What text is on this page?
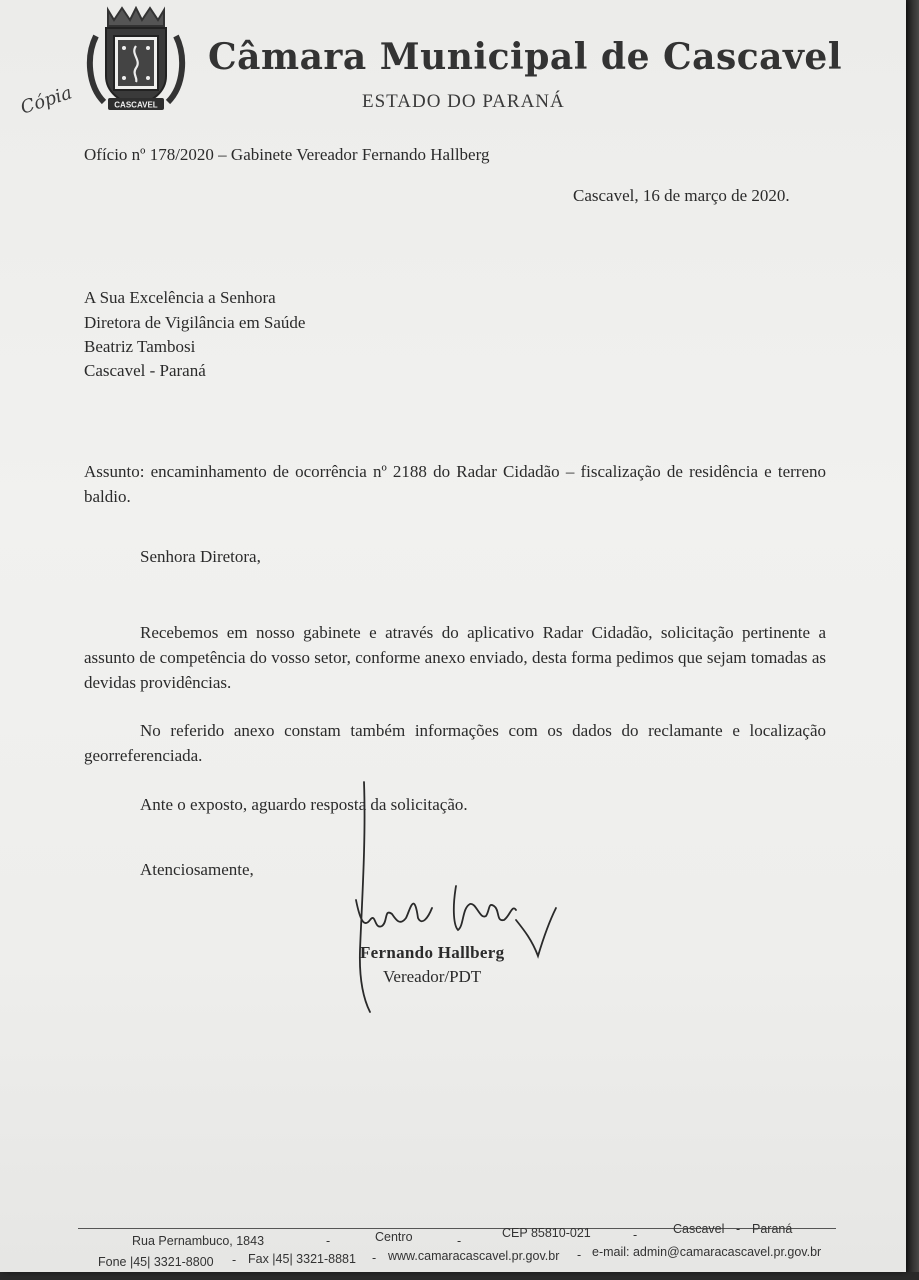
CASCAVEL
Câmara Municipal de Cascavel
ESTADO DO PARANÁ
Cópia
Ofício nº 178/2020 – Gabinete Vereador Fernando Hallberg
Cascavel, 16 de março de 2020.
A Sua Excelência a Senhora
Diretora de Vigilância em Saúde
Beatriz Tambosi
Cascavel - Paraná
Assunto: encaminhamento de ocorrência nº 2188 do Radar Cidadão – fiscalização de residência e terreno baldio.
Senhora Diretora,
Recebemos em nosso gabinete e através do aplicativo Radar Cidadão, solicitação pertinente a assunto de competência do vosso setor, conforme anexo enviado, desta forma pedimos que sejam tomadas as devidas providências.
No referido anexo constam também informações com os dados do reclamante e localização georreferenciada.
Ante o exposto, aguardo resposta da solicitação.
Atenciosamente,
Fernando Hallberg
Vereador/PDT
Rua Pernambuco, 1843	-	Centro	-
CEP 85810-021	-	Cascavel - Paraná
Fone |45| 3321-8800 - Fax |45| 3321-8881 - www.camaracascavel.pr.gov.br - e-mail: admin@camaracascavel.pr.gov.br
